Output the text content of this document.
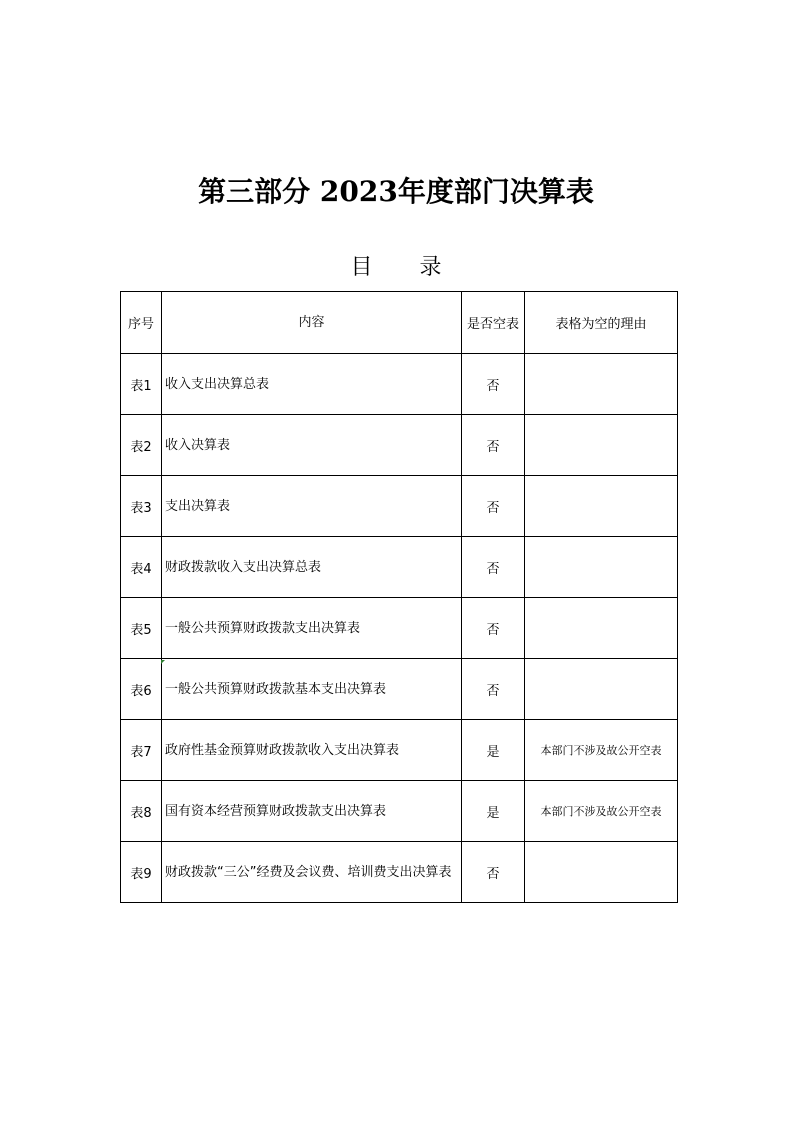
第三部分 2023年度部门决算表
目 录
序号	内容	是否空表	表格为空的理由
表1	收入支出决算总表	否	
表2	收入决算表	否	
表3	支出决算表	否	
表4	财政拨款收入支出决算总表	否	
表5	一般公共预算财政拨款支出决算表	否	
表6	一般公共预算财政拨款基本支出决算表	否	
表7	政府性基金预算财政拨款收入支出决算表	是	本部门不涉及故公开空表
表8	国有资本经营预算财政拨款支出决算表	是	本部门不涉及故公开空表
表9	财政拨款“三公”经费及会议费、培训费支出决算表	否	
